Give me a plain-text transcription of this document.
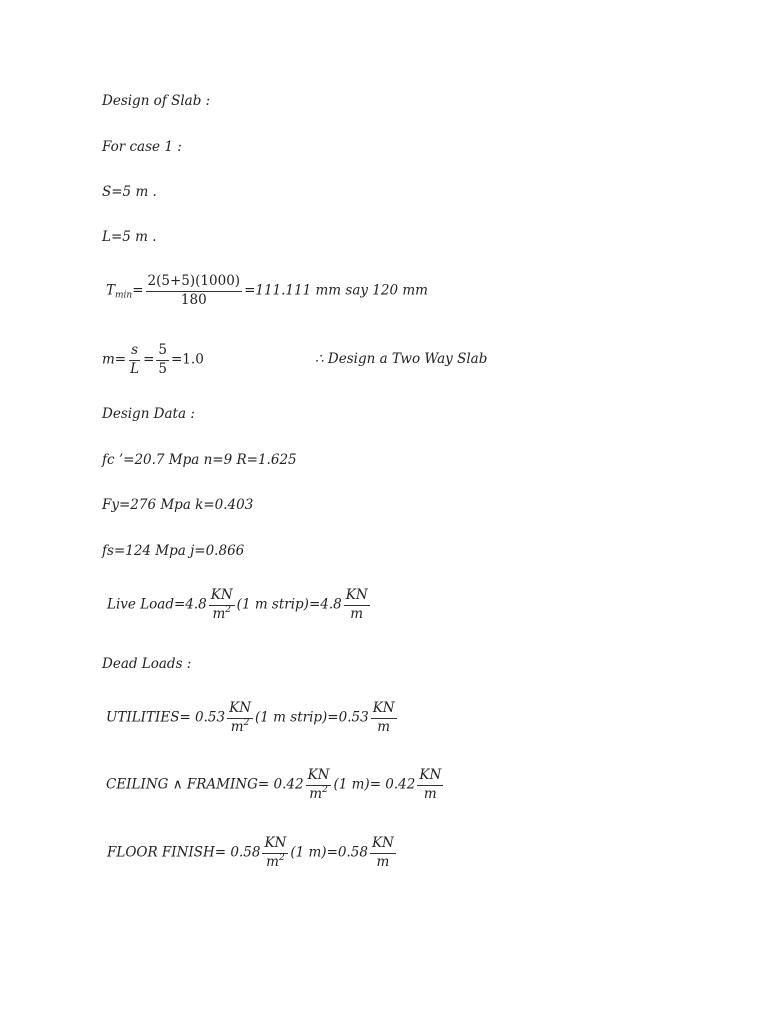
Design of Slab :
For case 1 :
S=5 m .
L=5 m .
$T_{min}= \frac{2(5+5)(1000)}{180} =111.111$ mm say 120 mm
$m= \frac{s}{L} = \frac{5}{5} =1.0$	∴ Design a Two Way Slab
Design Data :
fc ’=20.7 Mpa n=9 R=1.625
Fy=276 Mpa k=0.403
fs=124 Mpa j=0.866
Live Load=4.8 $\frac{KN}{m^2} (1$ m strip)=4.8 $\frac{KN}{m}$
Dead Loads :
UTILITIES= $0.53 \frac{KN}{m^2} (1$ m strip)=0.53 $\frac{KN}{m}$
CEILING ∧ FRAMING= $0.42 \frac{KN}{m^2} (1$ $m)= 0.42 \frac{KN}{m}$
FLOOR FINISH= $0.58 \frac{KN}{m^2} (1$ $m)=0.58 \frac{KN}{m}$
